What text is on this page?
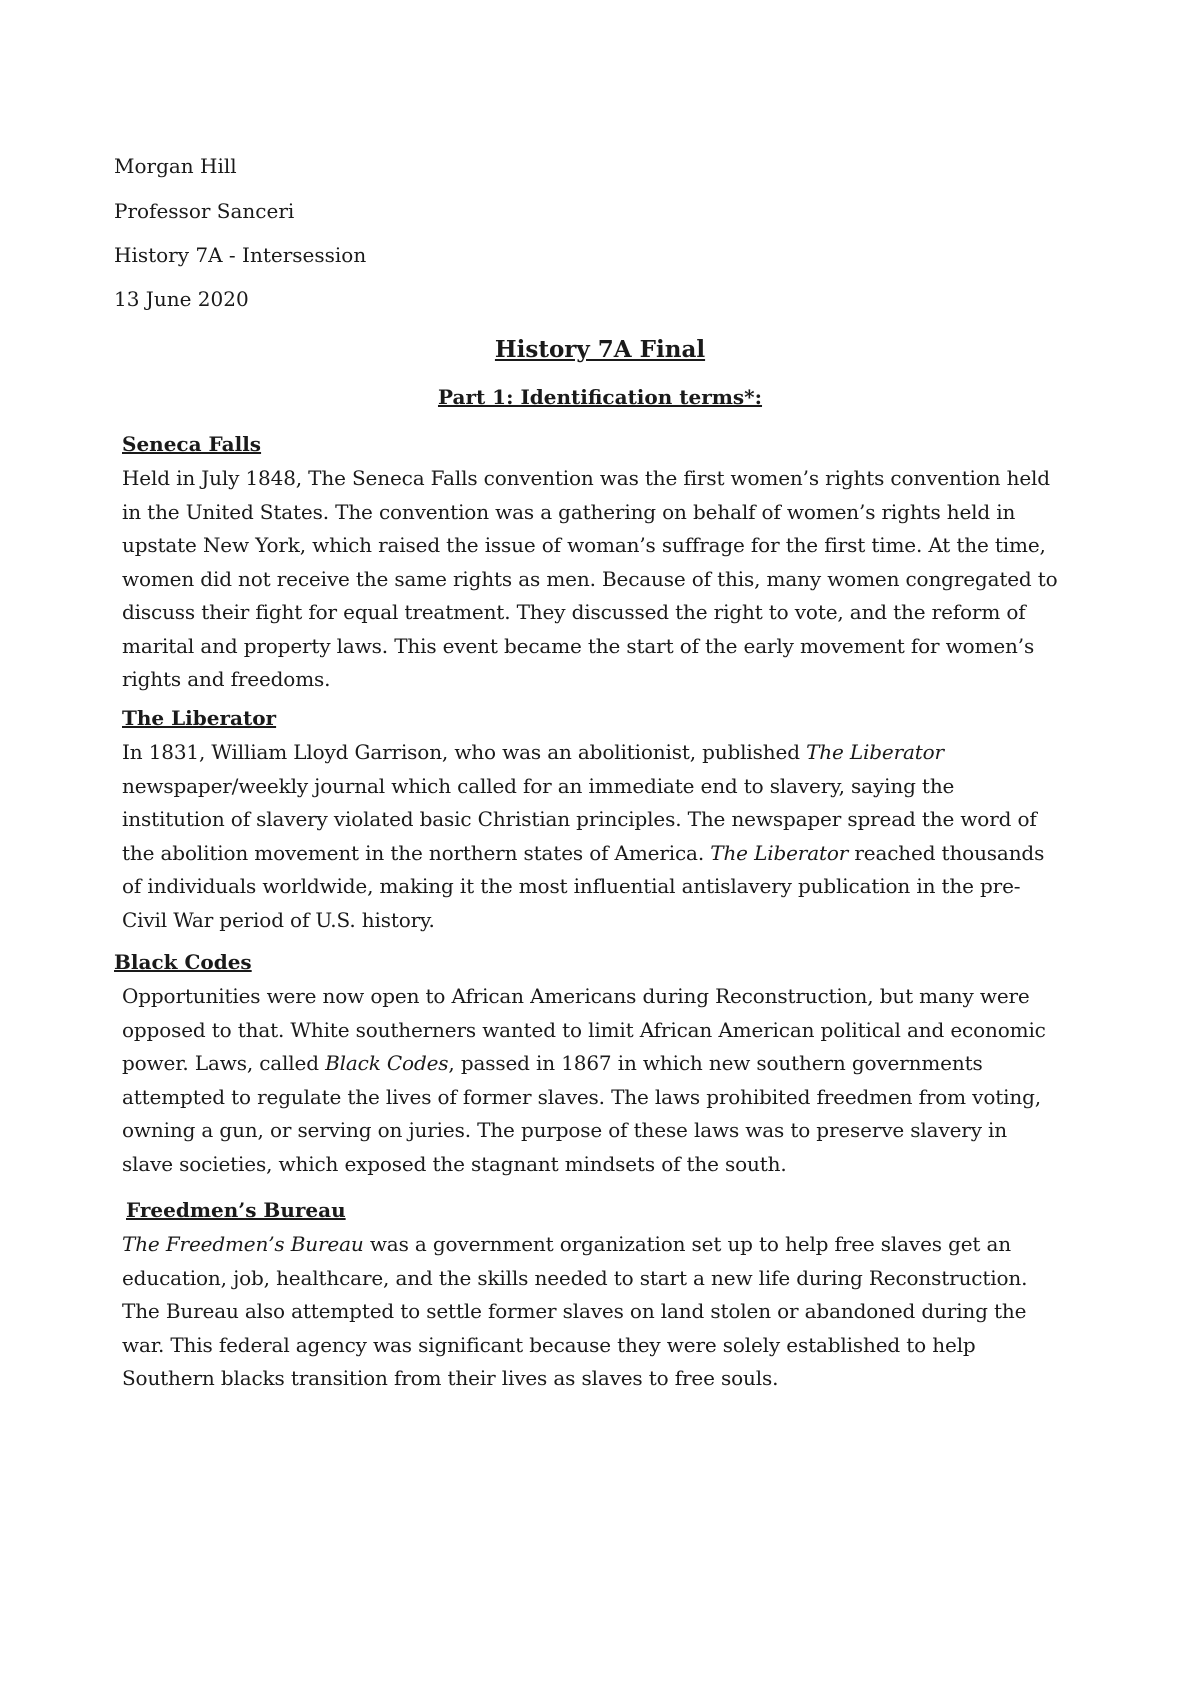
Morgan Hill
Professor Sanceri
History 7A - Intersession
13 June 2020
History 7A Final
Part 1: Identification terms*:
Seneca Falls

Held in July 1848, The Seneca Falls convention was the first women’s rights convention held in the United States. The convention was a gathering on behalf of women’s rights held in upstate New York, which raised the issue of woman’s suffrage for the first time. At the time, women did not receive the same rights as men. Because of this, many women congregated to discuss their fight for equal treatment. They discussed the right to vote, and the reform of marital and property laws. This event became the start of the early movement for women’s rights and freedoms.

The Liberator

In 1831, William Lloyd Garrison, who was an abolitionist, published The Liberator newspaper/weekly journal which called for an immediate end to slavery, saying the institution of slavery violated basic Christian principles. The newspaper spread the word of the abolition movement in the northern states of America. The Liberator reached thousands of individuals worldwide, making it the most influential antislavery publication in the pre-Civil War period of U.S. history.

Black Codes

Opportunities were now open to African Americans during Reconstruction, but many were opposed to that. White southerners wanted to limit African American political and economic power. Laws, called Black Codes, passed in 1867 in which new southern governments attempted to regulate the lives of former slaves. The laws prohibited freedmen from voting, owning a gun, or serving on juries. The purpose of these laws was to preserve slavery in slave societies, which exposed the stagnant mindsets of the south.

Freedmen’s Bureau

The Freedmen’s Bureau was a government organization set up to help free slaves get an education, job, healthcare, and the skills needed to start a new life during Reconstruction. The Bureau also attempted to settle former slaves on land stolen or abandoned during the war. This federal agency was significant because they were solely established to help Southern blacks transition from their lives as slaves to free souls.
